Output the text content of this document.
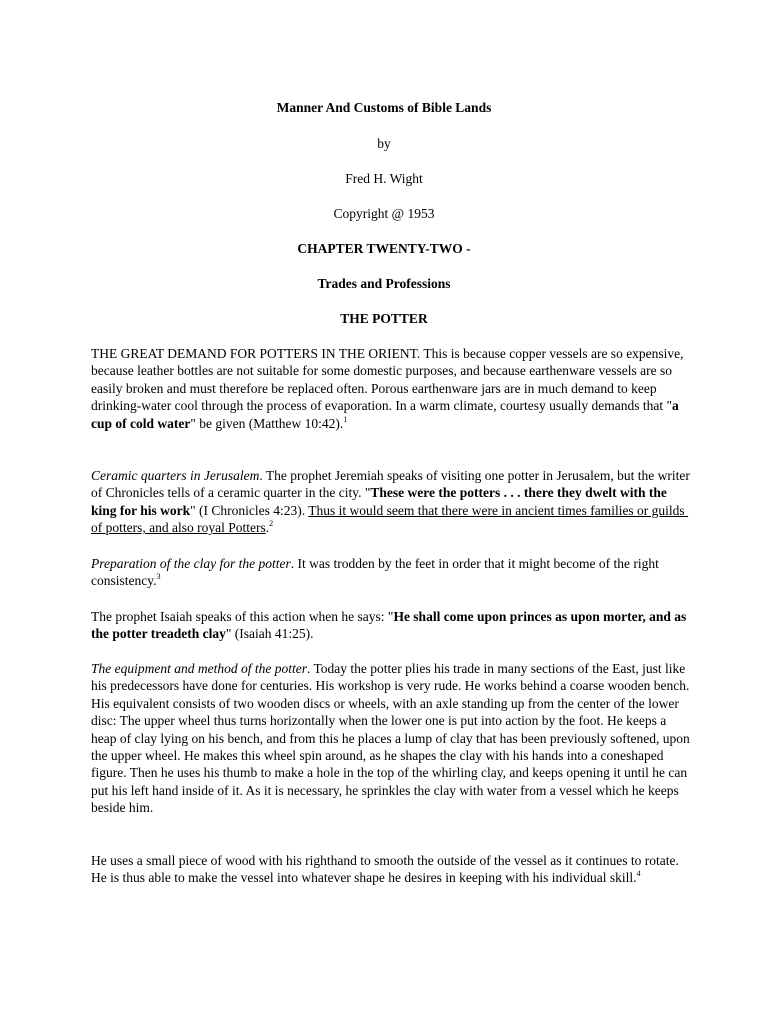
Manner And Customs of Bible Lands

by

Fred H. Wight

Copyright @ 1953

CHAPTER TWENTY-TWO -

Trades and Professions

THE POTTER

THE GREAT DEMAND FOR POTTERS IN THE ORIENT. This is because copper vessels are so expensive, because leather bottles are not suitable for some domestic purposes, and because earthenware vessels are so easily broken and must therefore be replaced often. Porous earthenware jars are in much demand to keep drinking-water cool through the process of evaporation. In a warm climate, courtesy usually demands that "a cup of cold water" be given (Matthew 10:42).$^1$

Ceramic quarters in Jerusalem. The prophet Jeremiah speaks of visiting one potter in Jerusalem, but the writer of Chronicles tells of a ceramic quarter in the city. "These were the potters . . . there they dwelt with the king for his work" (I Chronicles 4:23). Thus it would seem that there were in ancient times families or guilds of potters, and also royal Potters.$^2$

Preparation of the clay for the potter. It was trodden by the feet in order that it might become of the right consistency.$^3$

The prophet Isaiah speaks of this action when he says: "He shall come upon princes as upon morter, and as the potter treadeth clay" (Isaiah 41:25).

The equipment and method of the potter. Today the potter plies his trade in many sections of the East, just like his predecessors have done for centuries. His workshop is very rude. He works behind a coarse wooden bench. His equivalent consists of two wooden discs or wheels, with an axle standing up from the center of the lower disc: The upper wheel thus turns horizontally when the lower one is put into action by the foot. He keeps a heap of clay lying on his bench, and from this he places a lump of clay that has been previously softened, upon the upper wheel. He makes this wheel spin around, as he shapes the clay with his hands into a coneshaped figure. Then he uses his thumb to make a hole in the top of the whirling clay, and keeps opening it until he can put his left hand inside of it. As it is necessary, he sprinkles the clay with water from a vessel which he keeps beside him.

He uses a small piece of wood with his righthand to smooth the outside of the vessel as it continues to rotate. He is thus able to make the vessel into whatever shape he desires in keeping with his individual skill.$^4$
